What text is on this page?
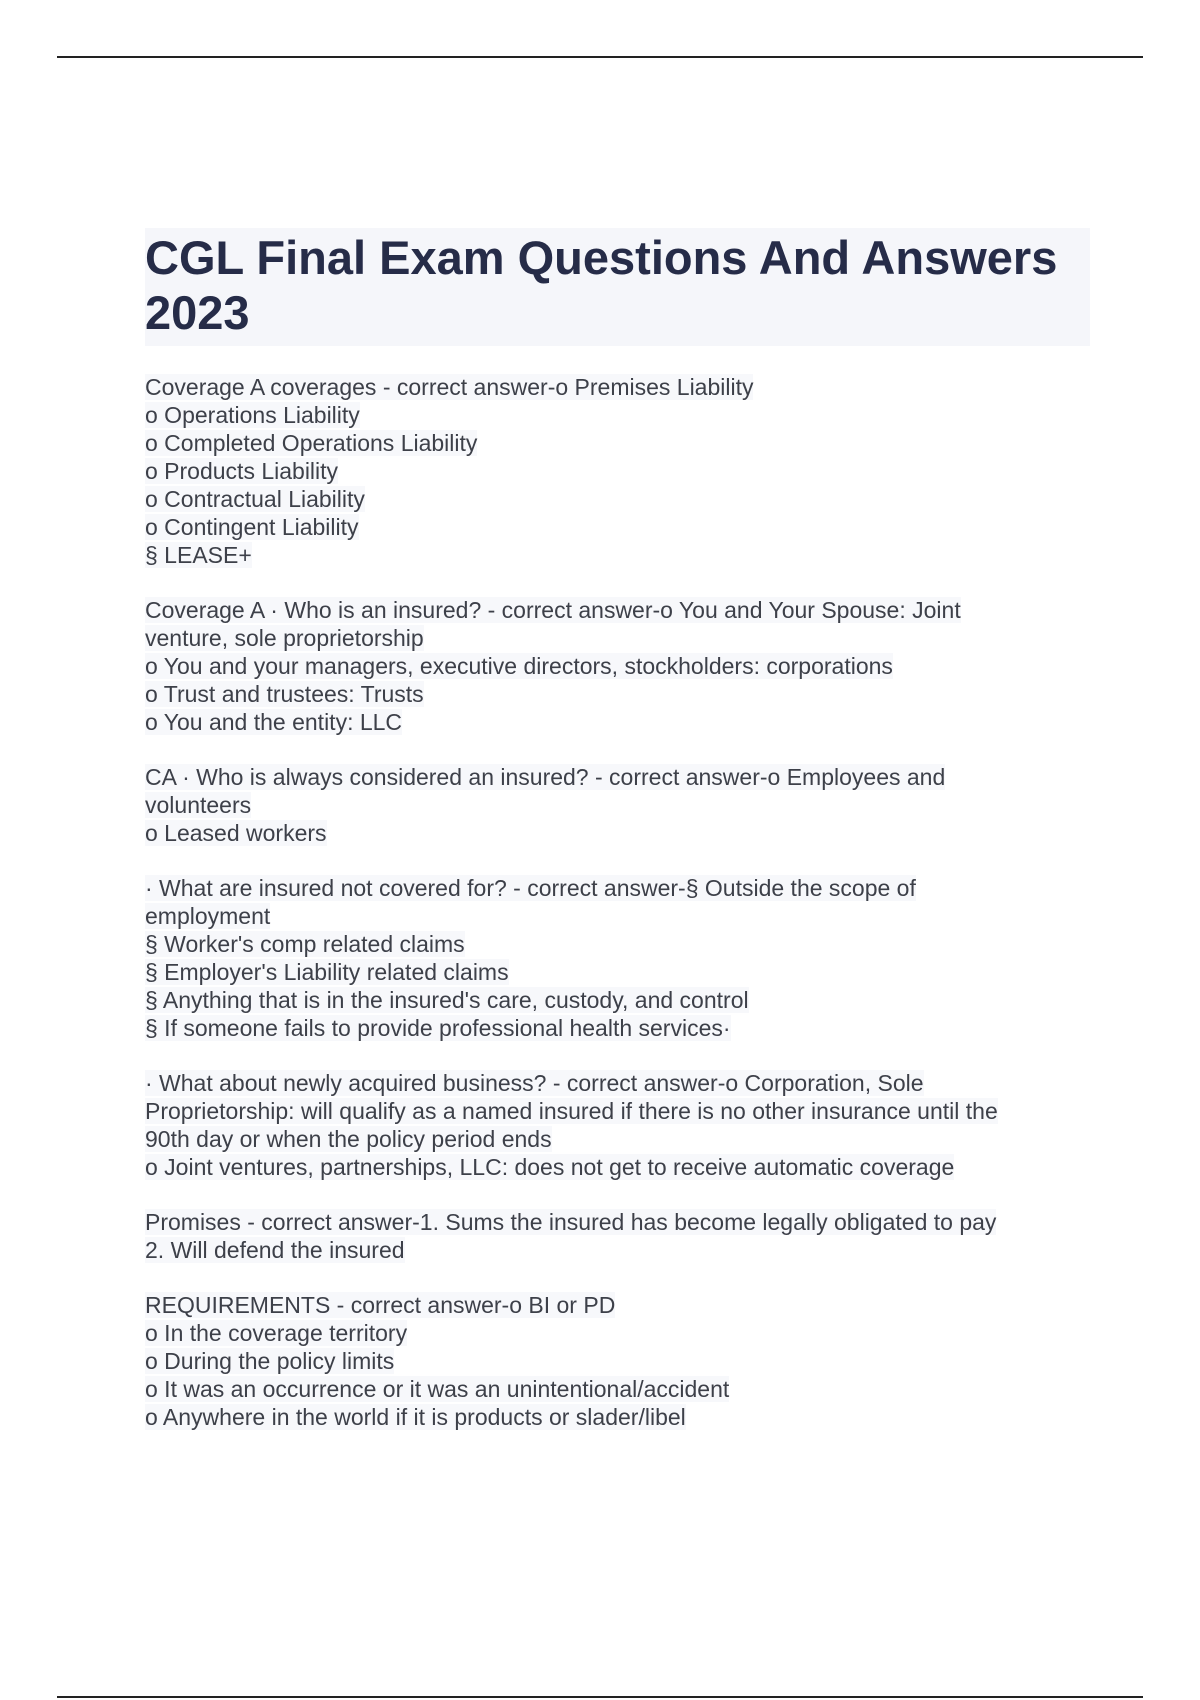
CGL Final Exam Questions And Answers 2023
Coverage A coverages - correct answer-o Premises Liability
o Operations Liability
o Completed Operations Liability
o Products Liability
o Contractual Liability
o Contingent Liability
§ LEASE+
Coverage A · Who is an insured? - correct answer-o You and Your Spouse: Joint
venture, sole proprietorship
o You and your managers, executive directors, stockholders: corporations
o Trust and trustees: Trusts
o You and the entity: LLC
CA · Who is always considered an insured? - correct answer-o Employees and
volunteers
o Leased workers
· What are insured not covered for? - correct answer-§ Outside the scope of
employment
§ Worker's comp related claims
§ Employer's Liability related claims
§ Anything that is in the insured's care, custody, and control
§ If someone fails to provide professional health services·
· What about newly acquired business? - correct answer-o Corporation, Sole
Proprietorship: will qualify as a named insured if there is no other insurance until the
90th day or when the policy period ends
o Joint ventures, partnerships, LLC: does not get to receive automatic coverage
Promises - correct answer-1. Sums the insured has become legally obligated to pay
2. Will defend the insured
REQUIREMENTS - correct answer-o BI or PD
o In the coverage territory
o During the policy limits
o It was an occurrence or it was an unintentional/accident
o Anywhere in the world if it is products or slader/libel
